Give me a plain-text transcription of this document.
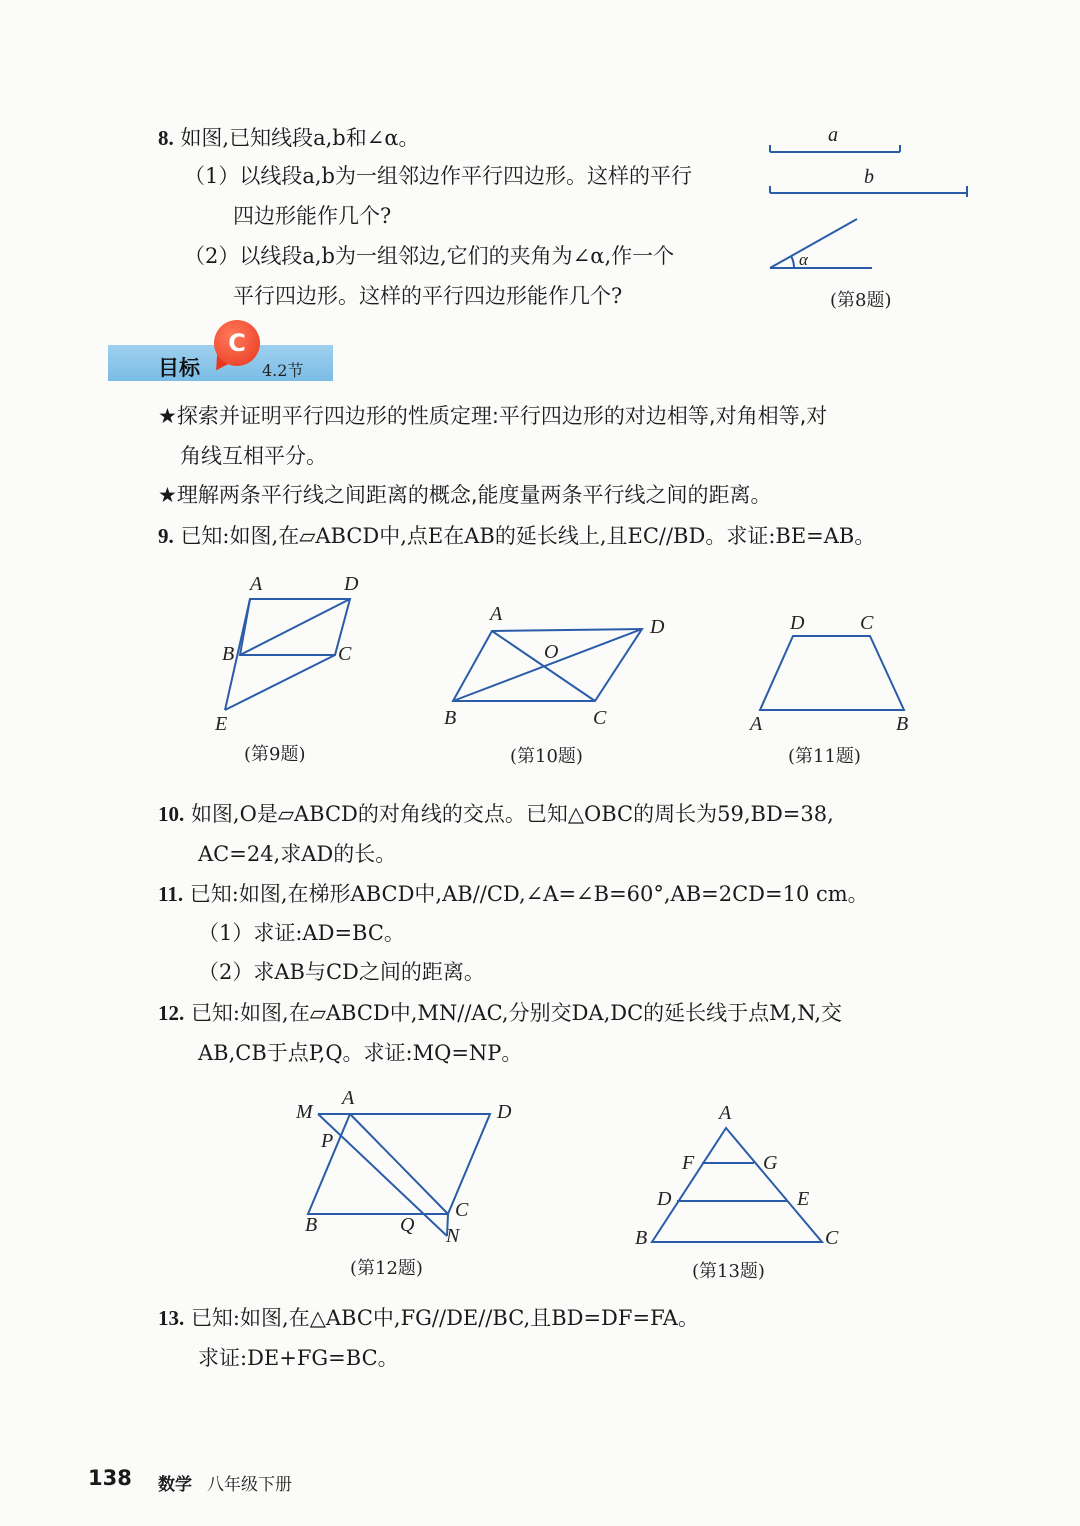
8. 如图,已知线段a,b和∠α。
（1）以线段a,b为一组邻边作平行四边形。这样的平行
四边形能作几个?
（2）以线段a,b为一组邻边,它们的夹角为∠α,作一个
平行四边形。这样的平行四边形能作几个?
a
b
α
(第8题)
C
目标	4.2节
★探索并证明平行四边形的性质定理:平行四边形的对边相等,对角相等,对
角线互相平分。
★理解两条平行线之间距离的概念,能度量两条平行线之间的距离。
9. 已知:如图,在▱ABCD中,点E在AB的延长线上,且EC//BD。求证:BE=AB。
A	D
B	C
E
(第9题)
A
D
O
B	C
(第10题)
D	C
A	B
(第11题)
10. 如图,O是▱ABCD的对角线的交点。已知△OBC的周长为59,BD=38,
AC=24,求AD的长。
11. 已知:如图,在梯形ABCD中,AB//CD,∠A=∠B=60°,AB=2CD=10 cm。
（1）求证:AD=BC。
（2）求AB与CD之间的距离。
12. 已知:如图,在▱ABCD中,MN//AC,分别交DA,DC的延长线于点M,N,交
AB,CB于点P,Q。求证:MQ=NP。
M
A
D
P
B	Q
C
N
(第12题)
A
F	G
D	E
B	C
(第13题)
13. 已知:如图,在△ABC中,FG//DE//BC,且BD=DF=FA。
求证:DE+FG=BC。
138 数学 八年级下册
